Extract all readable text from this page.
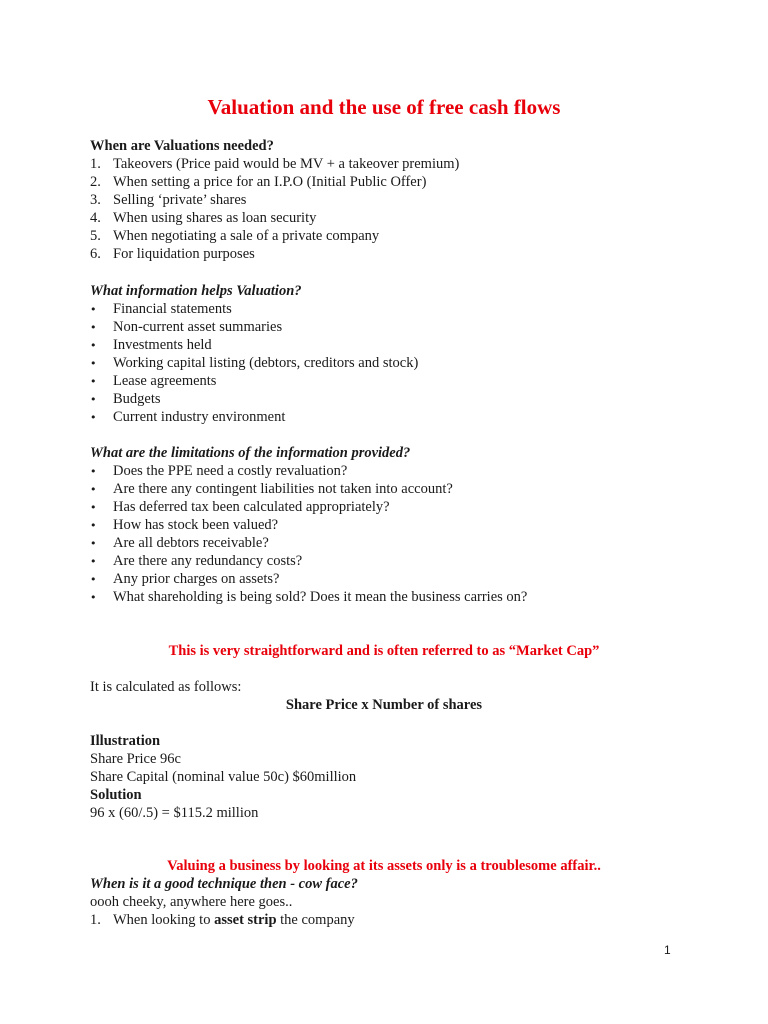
Valuation and the use of free cash flows
When are Valuations needed?
1. Takeovers (Price paid would be MV + a takeover premium)
2. When setting a price for an I.P.O (Initial Public Offer)
3. Selling ‘private’ shares
4. When using shares as loan security
5. When negotiating a sale of a private company
6. For liquidation purposes
What information helps Valuation?
• Financial statements
• Non-current asset summaries
• Investments held
• Working capital listing (debtors, creditors and stock)
• Lease agreements
• Budgets
• Current industry environment
What are the limitations of the information provided?
• Does the PPE need a costly revaluation?
• Are there any contingent liabilities not taken into account?
• Has deferred tax been calculated appropriately?
• How has stock been valued?
• Are all debtors receivable?
• Are there any redundancy costs?
• Any prior charges on assets?
• What shareholding is being sold? Does it mean the business carries on?
This is very straightforward and is often referred to as “Market Cap”
It is calculated as follows:
Share Price x Number of shares
Illustration
Share Price 96c
Share Capital (nominal value 50c) $60million
Solution
96 x (60/.5) = $115.2 million
Valuing a business by looking at its assets only is a troublesome affair..
When is it a good technique then - cow face?
oooh cheeky, anywhere here goes..
1. When looking to asset strip the company
1
